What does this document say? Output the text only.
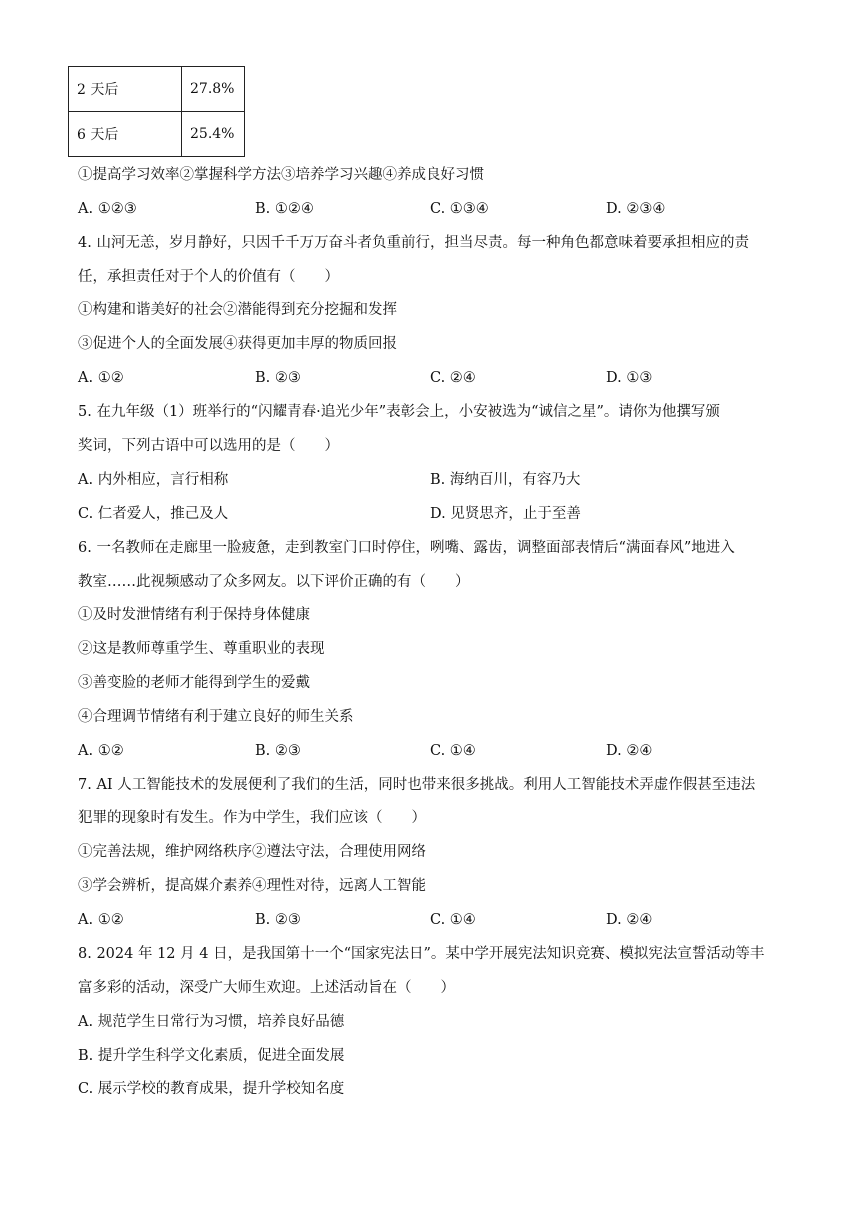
2 天后	27.8%
6 天后	25.4%
①提高学习效率②掌握科学方法③培养学习兴趣④养成良好习惯
A. ①②③	B. ①②④	C. ①③④	D. ②③④
4. 山河无恙，岁月静好，只因千千万万奋斗者负重前行，担当尽责。每一种角色都意味着要承担相应的责
任，承担责任对于个人的价值有（　　）
①构建和谐美好的社会②潜能得到充分挖掘和发挥
③促进个人的全面发展④获得更加丰厚的物质回报
A. ①②	B. ②③	C. ②④	D. ①③
5. 在九年级（1）班举行的“闪耀青春·追光少年”表彰会上，小安被选为“诚信之星”。请你为他撰写颁
奖词，下列古语中可以选用的是（　　）
A. 内外相应，言行相称	B. 海纳百川，有容乃大
C. 仁者爱人，推己及人	D. 见贤思齐，止于至善
6. 一名教师在走廊里一脸疲惫，走到教室门口时停住，咧嘴、露齿，调整面部表情后“满面春风”地进入
教室……此视频感动了众多网友。以下评价正确的有（　　）
①及时发泄情绪有利于保持身体健康
②这是教师尊重学生、尊重职业的表现
③善变脸的老师才能得到学生的爱戴
④合理调节情绪有利于建立良好的师生关系
A. ①②	B. ②③	C. ①④	D. ②④
7. AI 人工智能技术的发展便利了我们的生活，同时也带来很多挑战。利用人工智能技术弄虚作假甚至违法
犯罪的现象时有发生。作为中学生，我们应该（　　）
①完善法规，维护网络秩序②遵法守法，合理使用网络
③学会辨析，提高媒介素养④理性对待，远离人工智能
A. ①②	B. ②③	C. ①④	D. ②④
8. 2024 年 12 月 4 日，是我国第十一个“国家宪法日”。某中学开展宪法知识竞赛、模拟宪法宣誓活动等丰
富多彩的活动，深受广大师生欢迎。上述活动旨在（　　）
A. 规范学生日常行为习惯，培养良好品德
B. 提升学生科学文化素质，促进全面发展
C. 展示学校的教育成果，提升学校知名度
